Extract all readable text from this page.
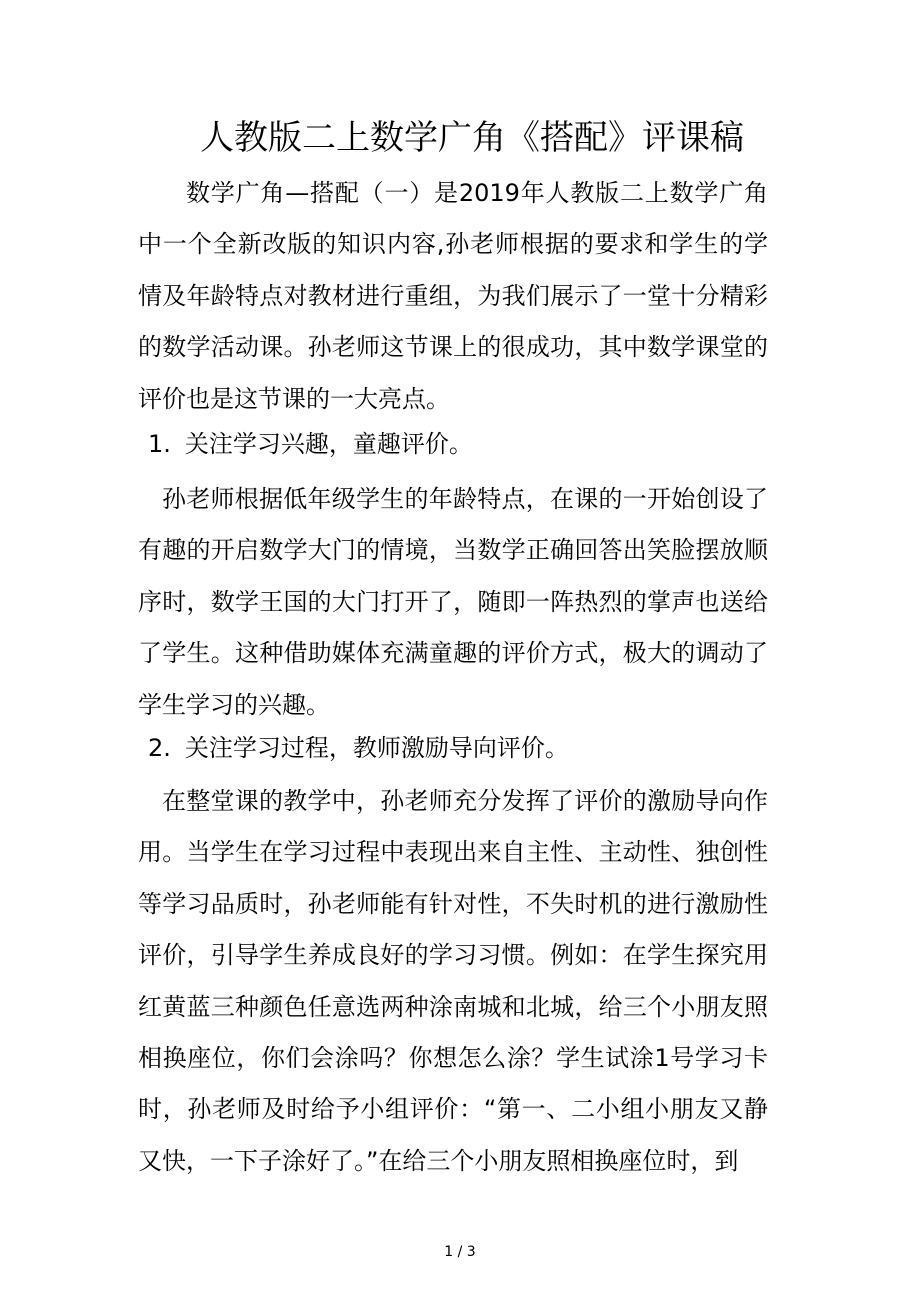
人教版二上数学广角《搭配》评课稿

数学广角—搭配（一）是2019年人教版二上数学广角中一个全新改版的知识内容,孙老师根据的要求和学生的学情及年龄特点对教材进行重组，为我们展示了一堂十分精彩的数学活动课。孙老师这节课上的很成功，其中数学课堂的评价也是这节课的一大亮点。

1. 关注学习兴趣，童趣评价。

孙老师根据低年级学生的年龄特点，在课的一开始创设了有趣的开启数学大门的情境，当数学正确回答出笑脸摆放顺序时，数学王国的大门打开了，随即一阵热烈的掌声也送给了学生。这种借助媒体充满童趣的评价方式，极大的调动了学生学习的兴趣。

2. 关注学习过程，教师激励导向评价。

在整堂课的教学中，孙老师充分发挥了评价的激励导向作用。当学生在学习过程中表现出来自主性、主动性、独创性等学习品质时，孙老师能有针对性，不失时机的进行激励性评价，引导学生养成良好的学习习惯。例如：在学生探究用红黄蓝三种颜色任意选两种涂南城和北城，给三个小朋友照相换座位，你们会涂吗？你想怎么涂？学生试涂1号学习卡时，孙老师及时给予小组评价：“第一、二小组小朋友又静又快，一下子涂好了。”在给三个小朋友照相换座位时，到

1 / 3
